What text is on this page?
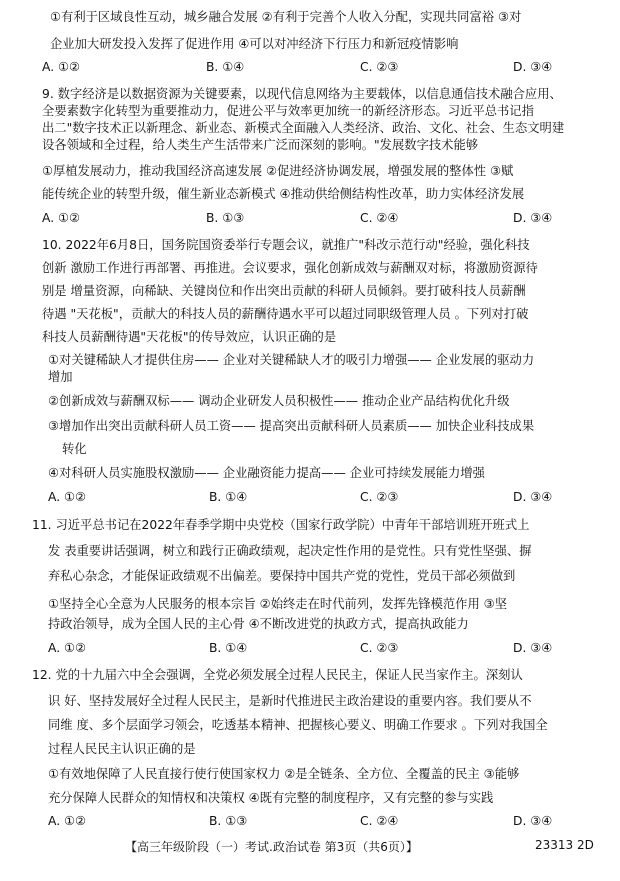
①有利于区域良性互动，城乡融合发展 ②有利于完善个人收入分配，实现共同富裕 ③对
企业加大研发投入发挥了促进作用 ④可以对冲经济下行压力和新冠疫情影响
A. ①②	B. ①④	C. ②③	D. ③④
9. 数字经济是以数据资源为关键要素，以现代信息网络为主要载体，以信息通信技术融合应用、
全要素数字化转型为重要推动力，促进公平与效率更加统一的新经济形态。习近平总书记指
出二"数字技术正以新理念、新业态、新模式全面融入人类经济、政治、文化、社会、生态文明建
设各领域和全过程，给人类生产生活带来广泛而深刻的影响。"发展数字技术能够
①厚植发展动力，推动我国经济高速发展 ②促进经济协调发展，增强发展的整体性 ③赋
能传统企业的转型升级，催生新业态新模式 ④推动供给侧结构性改革，助力实体经济发展
A. ①②	B. ①③	C. ②④	D. ③④
10. 2022年6月8日，国务院国资委举行专题会议，就推广"科改示范行动"经验，强化科技
创新 激励工作进行再部署、再推进。会议要求，强化创新成效与薪酬双对标，将激励资源待
别是 增量资源，向稀缺、关键岗位和作出突出贡献的科研人员倾斜。要打破科技人员薪酬
待遇 "天花板"，贡献大的科技人员的薪酬待遇水平可以超过同职级管理人员 。下列对打破
科技人员薪酬待遇"天花板"的传导效应，认识正确的是
①对关键稀缺人才提供住房—— 企业对关键稀缺人才的吸引力增强—— 企业发展的驱动力
增加
②创新成效与薪酬双标—— 调动企业研发人员积极性—— 推动企业产品结构优化升级
③增加作出突出贡献科研人员工资—— 提高突出贡献科研人员素质—— 加快企业科技成果
转化
④对科研人员实施股权激励—— 企业融资能力提高—— 企业可持续发展能力增强
A. ①②	B. ①④	C. ②③	D. ③④
11. 习近平总书记在2022年春季学期中央党校（国家行政学院）中青年干部培训班开班式上
发 表重要讲话强调，树立和践行正确政绩观，起决定性作用的是党性。只有党性坚强、摒
弃私心杂念，才能保证政绩观不出偏差。要保持中国共产党的党性，党员干部必须做到
①坚持全心全意为人民服务的根本宗旨 ②始终走在时代前列，发挥先锋模范作用 ③坚
持政治领导，成为全国人民的主心骨 ④不断改进党的执政方式，提高执政能力
A. ①②	B. ①④	C. ②③	D. ③④
12. 党的十九届六中全会强调，全党必须发展全过程人民民主，保证人民当家作主。深刻认
识 好、坚持发展好全过程人民民主，是新时代推进民主政治建设的重要内容。我们要从不
同维 度、多个层面学习领会，吃透基本精神、把握核心要义、明确工作要求 。下列对我国全
过程人民民主认识正确的是
①有效地保障了人民直接行使行使国家权力 ②是全链条、全方位、全覆盖的民主 ③能够
充分保障人民群众的知情权和决策权 ④既有完整的制度程序，又有完整的参与实践
A. ①②	B. ①③	C. ②④	D. ③④
【高三年级阶段（一）考试.政治试卷 第3页（共6页）】	23313 2D
